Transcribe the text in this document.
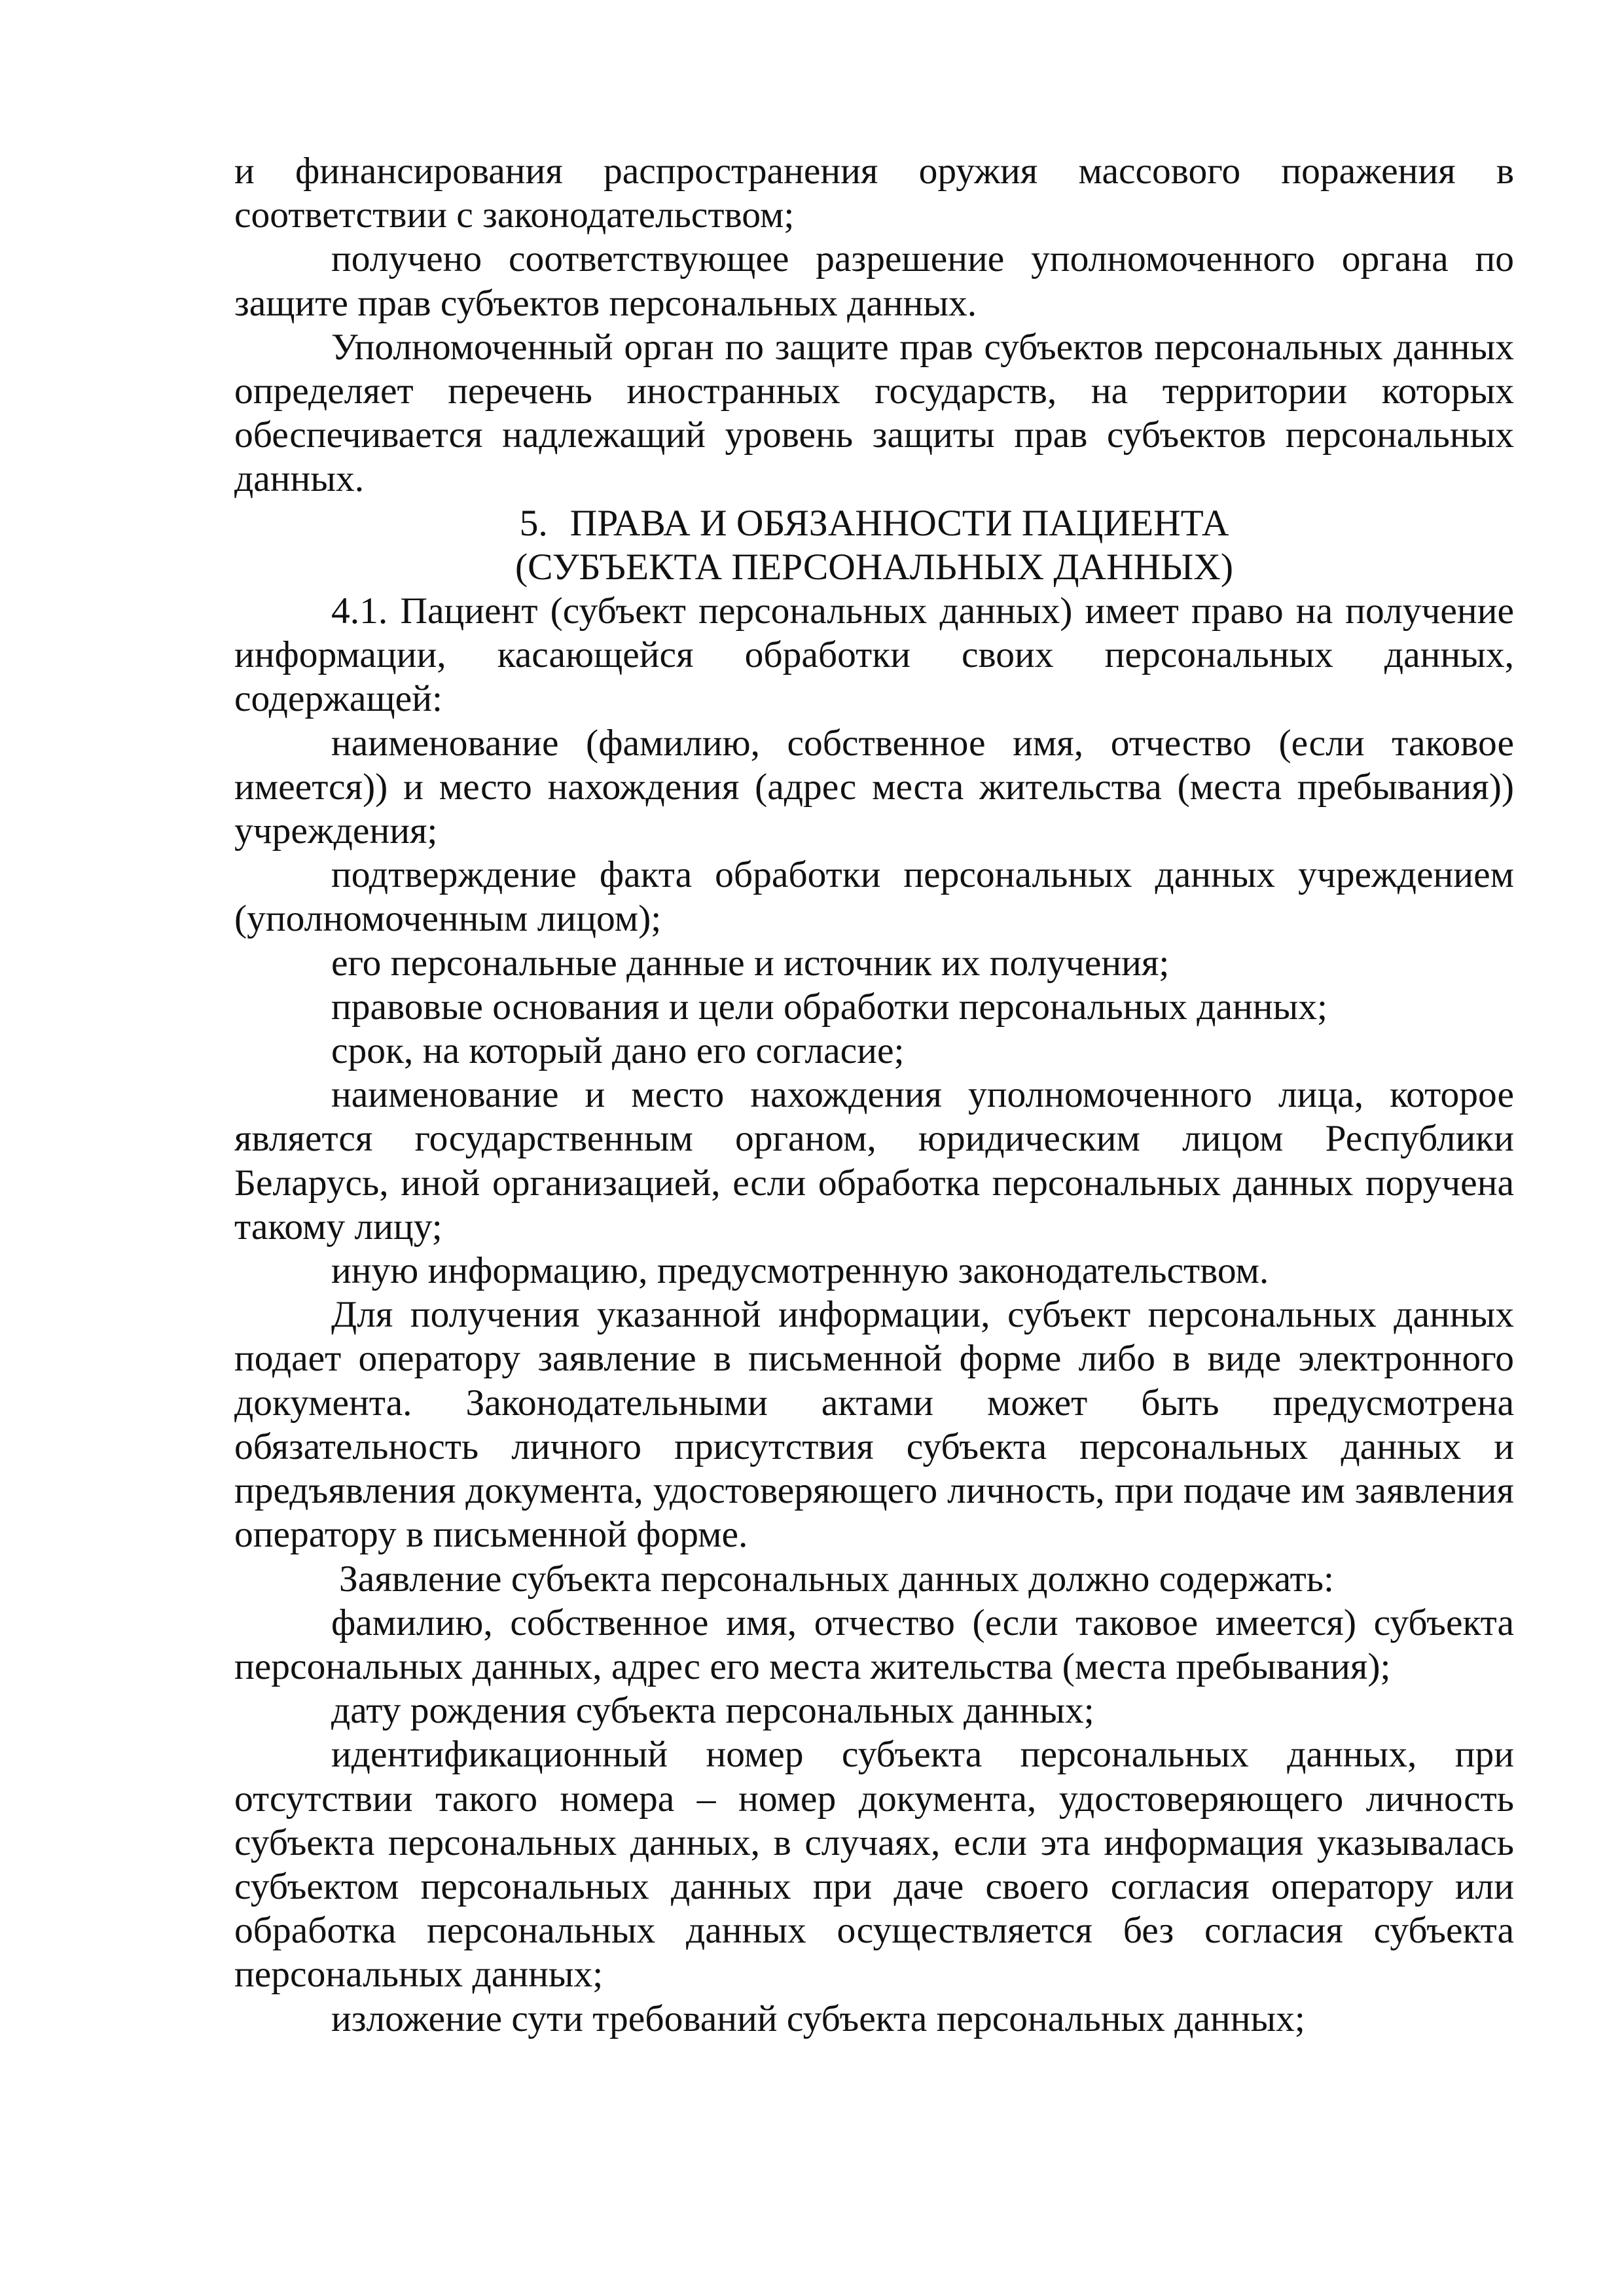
и финансирования распространения оружия массового поражения в соответствии с законодательством;

получено соответствующее разрешение уполномоченного органа по защите прав субъектов персональных данных.

Уполномоченный орган по защите прав субъектов персональных данных определяет перечень иностранных государств, на территории которых обеспечивается надлежащий уровень защиты прав субъектов персональных данных.

5. ПРАВА И ОБЯЗАННОСТИ ПАЦИЕНТА
(СУБЪЕКТА ПЕРСОНАЛЬНЫХ ДАННЫХ)

4.1. Пациент (субъект персональных данных) имеет право на получение информации, касающейся обработки своих персональных данных, содержащей:

наименование (фамилию, собственное имя, отчество (если таковое имеется)) и место нахождения (адрес места жительства (места пребывания)) учреждения;

подтверждение факта обработки персональных данных учреждением (уполномоченным лицом);

его персональные данные и источник их получения;

правовые основания и цели обработки персональных данных;

срок, на который дано его согласие;

наименование и место нахождения уполномоченного лица, которое является государственным органом, юридическим лицом Республики Беларусь, иной организацией, если обработка персональных данных поручена такому лицу;

иную информацию, предусмотренную законодательством.

Для получения указанной информации, субъект персональных данных подает оператору заявление в письменной форме либо в виде электронного документа. Законодательными актами может быть предусмотрена обязательность личного присутствия субъекта персональных данных и предъявления документа, удостоверяющего личность, при подаче им заявления оператору в письменной форме.

Заявление субъекта персональных данных должно содержать:

фамилию, собственное имя, отчество (если таковое имеется) субъекта персональных данных, адрес его места жительства (места пребывания);

дату рождения субъекта персональных данных;

идентификационный номер субъекта персональных данных, при отсутствии такого номера – номер документа, удостоверяющего личность субъекта персональных данных, в случаях, если эта информация указывалась субъектом персональных данных при даче своего согласия оператору или обработка персональных данных осуществляется без согласия субъекта персональных данных;

изложение сути требований субъекта персональных данных;
